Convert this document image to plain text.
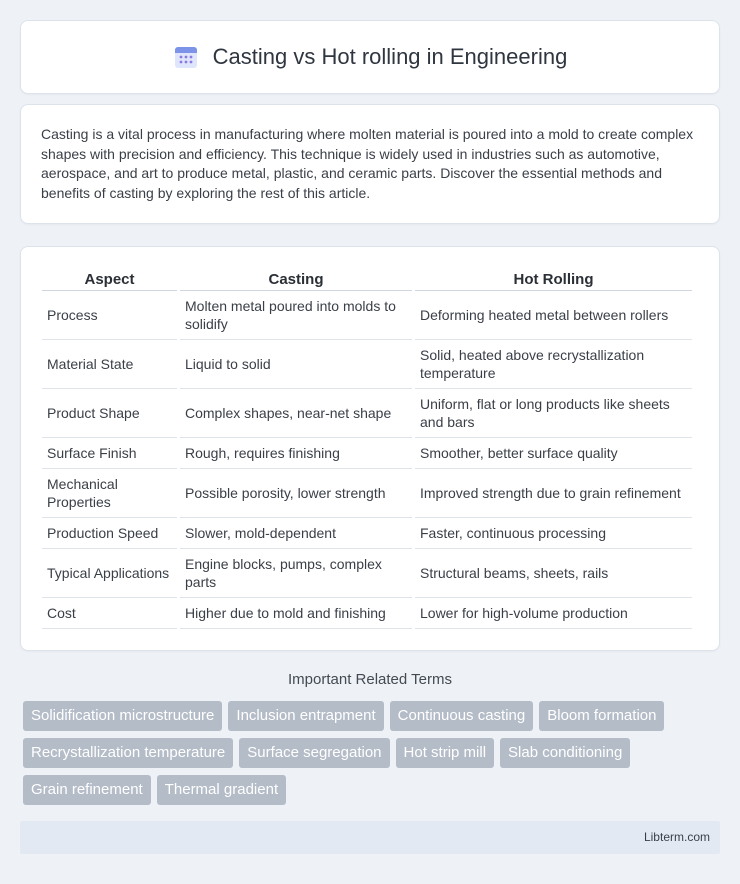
Casting vs Hot rolling in Engineering

Casting is a vital process in manufacturing where molten material is poured into a mold to create complex shapes with precision and efficiency. This technique is widely used in industries such as automotive, aerospace, and art to produce metal, plastic, and ceramic parts. Discover the essential methods and benefits of casting by exploring the rest of this article.

Aspect	Casting	Hot Rolling
Process	Molten metal poured into molds to solidify	Deforming heated metal between rollers
Material State	Liquid to solid	Solid, heated above recrystallization temperature
Product Shape	Complex shapes, near-net shape	Uniform, flat or long products like sheets and bars
Surface Finish	Rough, requires finishing	Smoother, better surface quality
Mechanical Properties	Possible porosity, lower strength	Improved strength due to grain refinement
Production Speed	Slower, mold-dependent	Faster, continuous processing
Typical Applications	Engine blocks, pumps, complex parts	Structural beams, sheets, rails
Cost	Higher due to mold and finishing	Lower for high-volume production
Important Related Terms
Solidification microstructure	Inclusion entrapment	Continuous casting	Bloom formation
Recrystallization temperature	Surface segregation	Hot strip mill	Slab conditioning
Grain refinement	Thermal gradient
Libterm.com
